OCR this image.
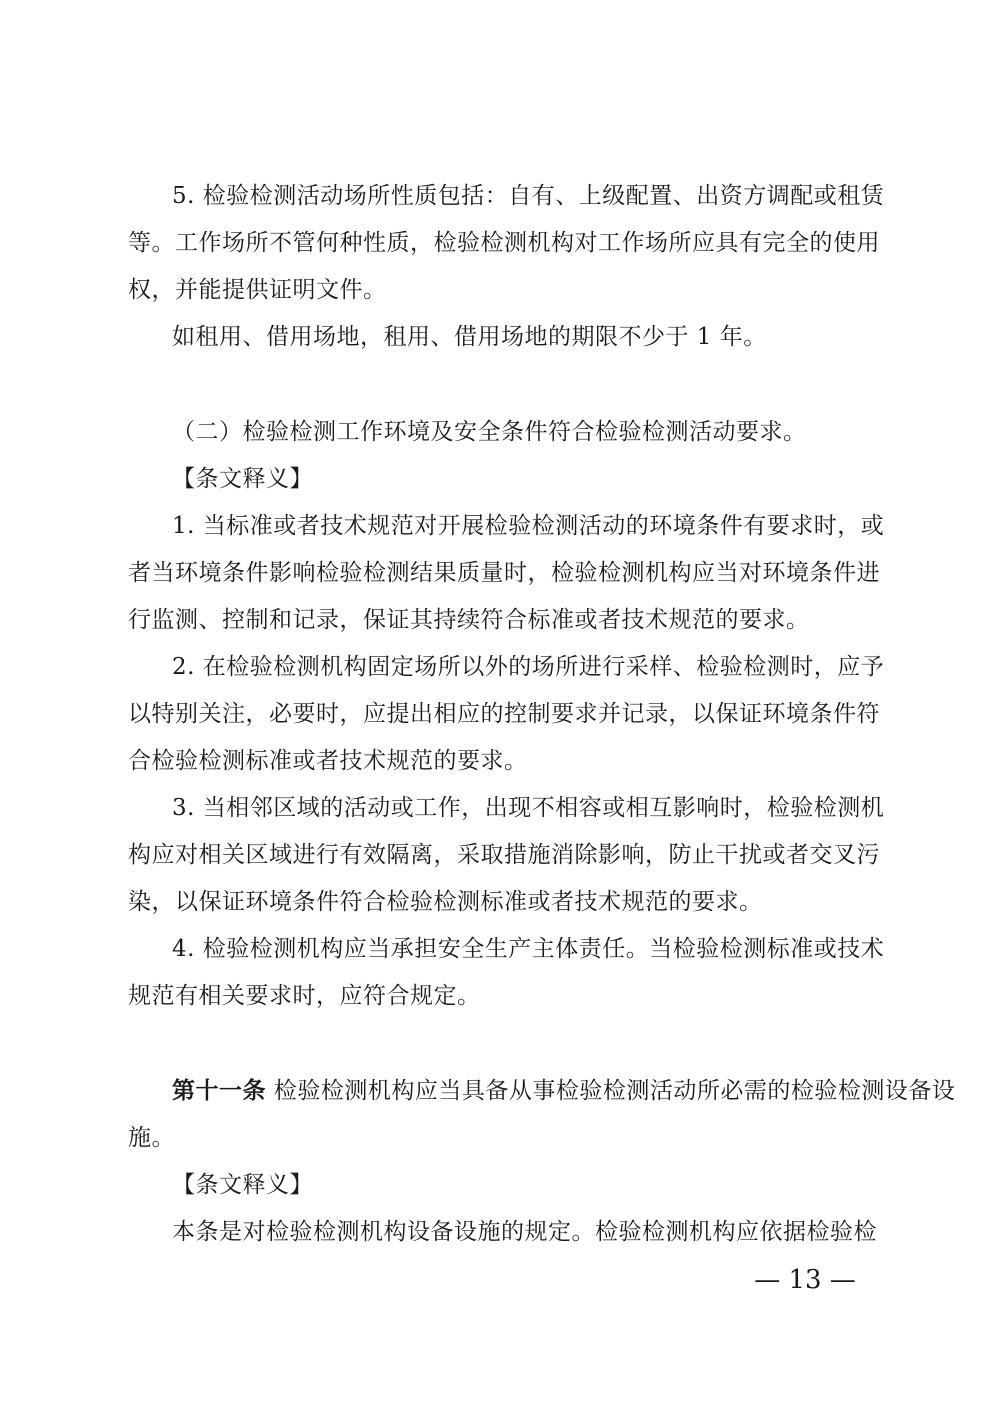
5. 检验检测活动场所性质包括：自有、上级配置、出资方调配或租赁
等。工作场所不管何种性质，检验检测机构对工作场所应具有完全的使用
权，并能提供证明文件。
如租用、借用场地，租用、借用场地的期限不少于 1 年。
（二）检验检测工作环境及安全条件符合检验检测活动要求。
【条文释义】
1. 当标准或者技术规范对开展检验检测活动的环境条件有要求时，或
者当环境条件影响检验检测结果质量时，检验检测机构应当对环境条件进
行监测、控制和记录，保证其持续符合标准或者技术规范的要求。
2. 在检验检测机构固定场所以外的场所进行采样、检验检测时，应予
以特别关注，必要时，应提出相应的控制要求并记录，以保证环境条件符
合检验检测标准或者技术规范的要求。
3. 当相邻区域的活动或工作，出现不相容或相互影响时，检验检测机
构应对相关区域进行有效隔离，采取措施消除影响，防止干扰或者交叉污
染，以保证环境条件符合检验检测标准或者技术规范的要求。
4. 检验检测机构应当承担安全生产主体责任。当检验检测标准或技术
规范有相关要求时，应符合规定。
第十一条 检验检测机构应当具备从事检验检测活动所必需的检验检测设备设
施。
【条文释义】
本条是对检验检测机构设备设施的规定。检验检测机构应依据检验检
— 13 —
